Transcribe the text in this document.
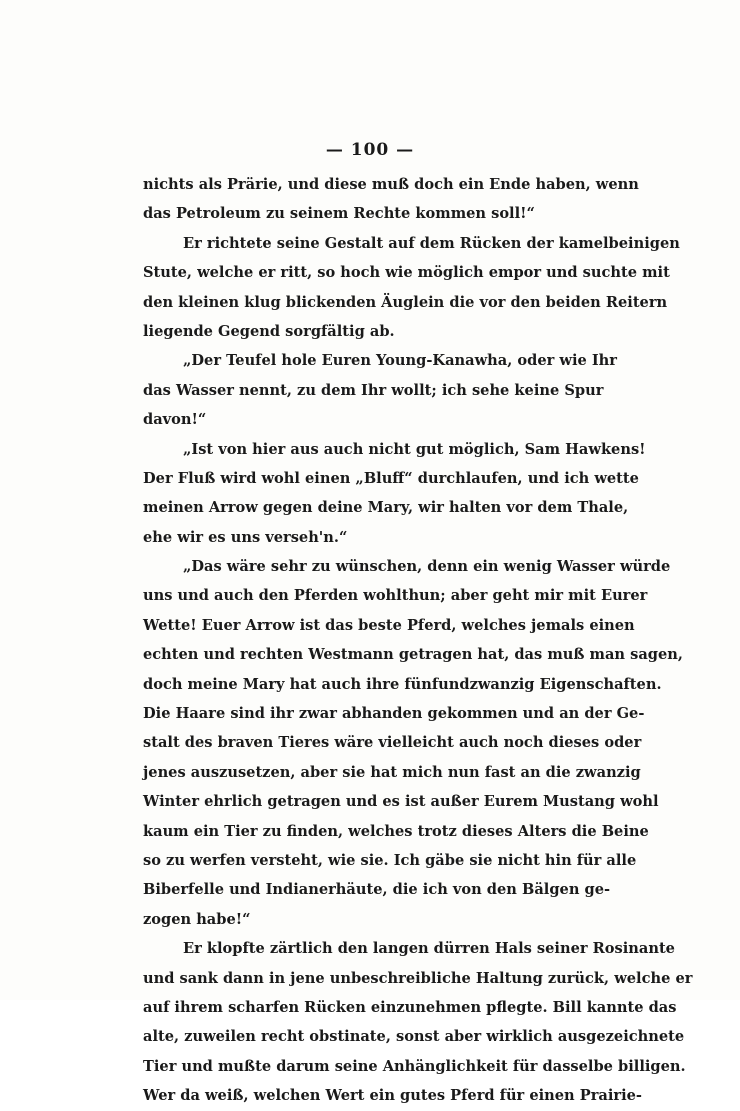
— 100 —
nichts als Prärie, und diese muß doch ein Ende haben, wenn
das Petroleum zu seinem Rechte kommen soll!“
Er richtete seine Gestalt auf dem Rücken der kamelbeinigen
Stute, welche er ritt, so hoch wie möglich empor und suchte mit
den kleinen klug blickenden Äuglein die vor den beiden Reitern
liegende Gegend sorgfältig ab.
„Der Teufel hole Euren Young-Kanawha, oder wie Ihr
das Wasser nennt, zu dem Ihr wollt; ich sehe keine Spur
davon!“
„Ist von hier aus auch nicht gut möglich, Sam Hawkens!
Der Fluß wird wohl einen „Bluff“ durchlaufen, und ich wette
meinen Arrow gegen deine Mary, wir halten vor dem Thale,
ehe wir es uns verseh'n.“
„Das wäre sehr zu wünschen, denn ein wenig Wasser würde
uns und auch den Pferden wohlthun; aber geht mir mit Eurer
Wette! Euer Arrow ist das beste Pferd, welches jemals einen
echten und rechten Westmann getragen hat, das muß man sagen,
doch meine Mary hat auch ihre fünfundzwanzig Eigenschaften.
Die Haare sind ihr zwar abhanden gekommen und an der Ge-
stalt des braven Tieres wäre vielleicht auch noch dieses oder
jenes auszusetzen, aber sie hat mich nun fast an die zwanzig
Winter ehrlich getragen und es ist außer Eurem Mustang wohl
kaum ein Tier zu finden, welches trotz dieses Alters die Beine
so zu werfen versteht, wie sie. Ich gäbe sie nicht hin für alle
Biberfelle und Indianerhäute, die ich von den Bälgen ge-
zogen habe!“
Er klopfte zärtlich den langen dürren Hals seiner Rosinante
und sank dann in jene unbeschreibliche Haltung zurück, welche er
auf ihrem scharfen Rücken einzunehmen pflegte. Bill kannte das
alte, zuweilen recht obstinate, sonst aber wirklich ausgezeichnete
Tier und mußte darum seine Anhänglichkeit für dasselbe billigen.
Wer da weiß, welchen Wert ein gutes Pferd für einen Prairie-
